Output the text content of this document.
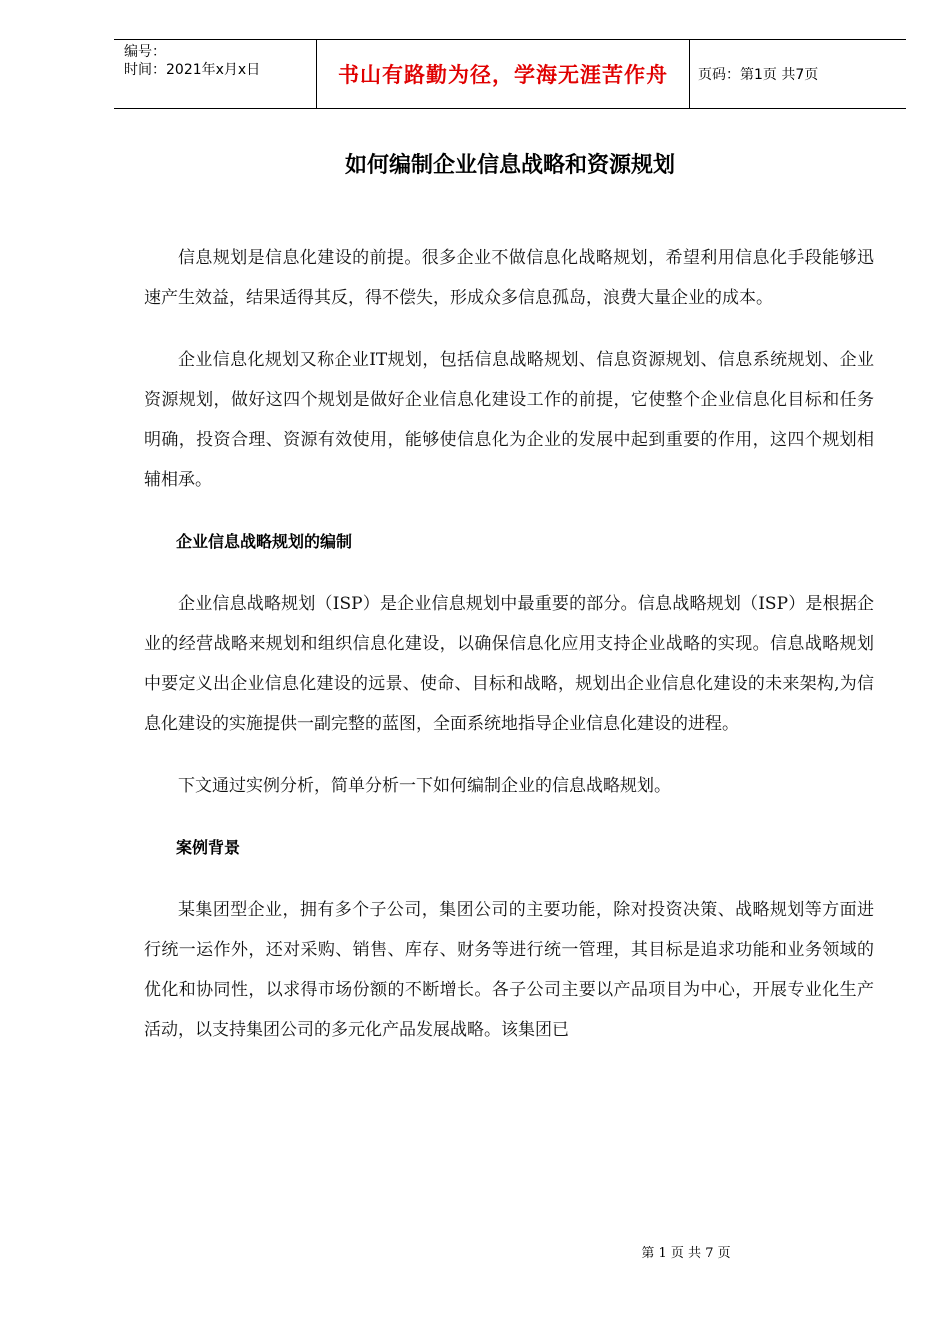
编号：
时间：2021年x月x日	书山有路勤为径，学海无涯苦作舟	页码：第1页 共7页
如何编制企业信息战略和资源规划

信息规划是信息化建设的前提。很多企业不做信息化战略规划，希望利用信息化手段能够迅速产生效益，结果适得其反，得不偿失，形成众多信息孤岛，浪费大量企业的成本。

企业信息化规划又称企业IT规划，包括信息战略规划、信息资源规划、信息系统规划、企业资源规划，做好这四个规划是做好企业信息化建设工作的前提，它使整个企业信息化目标和任务明确，投资合理、资源有效使用，能够使信息化为企业的发展中起到重要的作用，这四个规划相辅相承。

企业信息战略规划的编制

企业信息战略规划（ISP）是企业信息规划中最重要的部分。信息战略规划（ISP）是根据企业的经营战略来规划和组织信息化建设，以确保信息化应用支持企业战略的实现。信息战略规划中要定义出企业信息化建设的远景、使命、目标和战略，规划出企业信息化建设的未来架构,为信息化建设的实施提供一副完整的蓝图，全面系统地指导企业信息化建设的进程。

下文通过实例分析，简单分析一下如何编制企业的信息战略规划。

案例背景

某集团型企业，拥有多个子公司，集团公司的主要功能，除对投资决策、战略规划等方面进行统一运作外，还对采购、销售、库存、财务等进行统一管理，其目标是追求功能和业务领域的优化和协同性，以求得市场份额的不断增长。各子公司主要以产品项目为中心，开展专业化生产活动，以支持集团公司的多元化产品发展战略。该集团已

第 1 页 共 7 页
